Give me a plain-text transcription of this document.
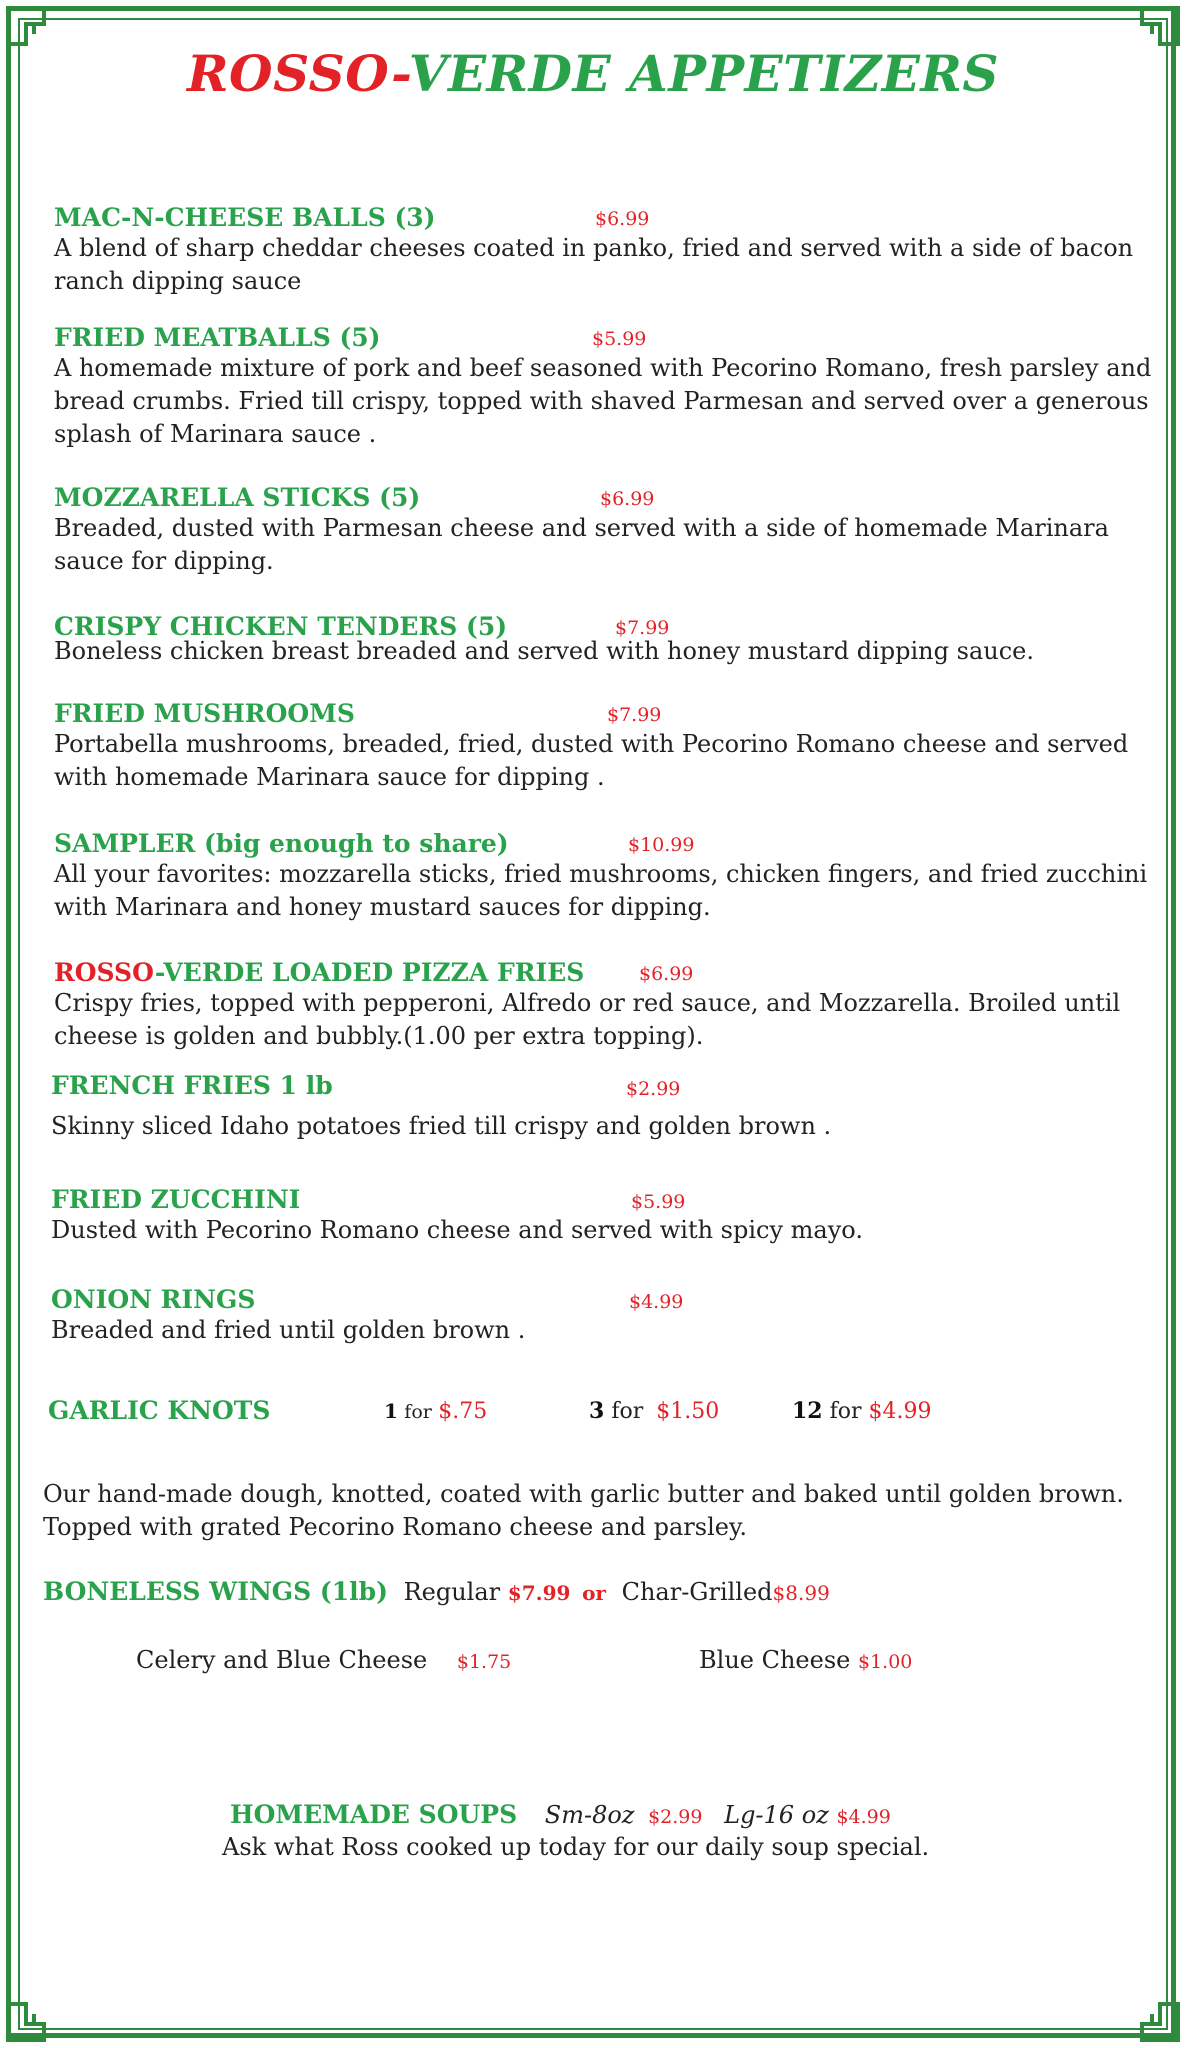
ROSSO-VERDE APPETIZERS
MAC-N-CHEESE BALLS (3)	$6.99
A blend of sharp cheddar cheeses coated in panko, fried and served with a side of bacon ranch dipping sauce
FRIED MEATBALLS (5)	$5.99
A homemade mixture of pork and beef seasoned with Pecorino Romano, fresh parsley and bread crumbs. Fried till crispy, topped with shaved Parmesan and served over a generous splash of Marinara sauce .
MOZZARELLA STICKS (5)	$6.99
Breaded, dusted with Parmesan cheese and served with a side of homemade Marinara sauce for dipping.
CRISPY CHICKEN TENDERS (5)	$7.99
Boneless chicken breast breaded and served with honey mustard dipping sauce.
FRIED MUSHROOMS	$7.99
Portabella mushrooms, breaded, fried, dusted with Pecorino Romano cheese and served with homemade Marinara sauce for dipping .
SAMPLER (big enough to share)	$10.99
All your favorites: mozzarella sticks, fried mushrooms, chicken fingers, and fried zucchini with Marinara and honey mustard sauces for dipping.
ROSSO-VERDE LOADED PIZZA FRIES	$6.99
Crispy fries, topped with pepperoni, Alfredo or red sauce, and Mozzarella. Broiled until cheese is golden and bubbly.(1.00 per extra topping).
FRENCH FRIES 1 lb	$2.99
Skinny sliced Idaho potatoes fried till crispy and golden brown .
FRIED ZUCCHINI	$5.99
Dusted with Pecorino Romano cheese and served with spicy mayo.
ONION RINGS	$4.99
Breaded and fried until golden brown .
GARLIC KNOTS	1 for $.75	3 for $1.50	12 for $4.99
Our hand-made dough, knotted, coated with garlic butter and baked until golden brown. Topped with grated Pecorino Romano cheese and parsley.
BONELESS WINGS (1lb) Regular $7.99 or Char-Grilled$8.99
Celery and Blue Cheese $1.75	Blue Cheese $1.00
HOMEMADE SOUPS Sm-8oz $2.99 Lg-16 oz $4.99
Ask what Ross cooked up today for our daily soup special.
